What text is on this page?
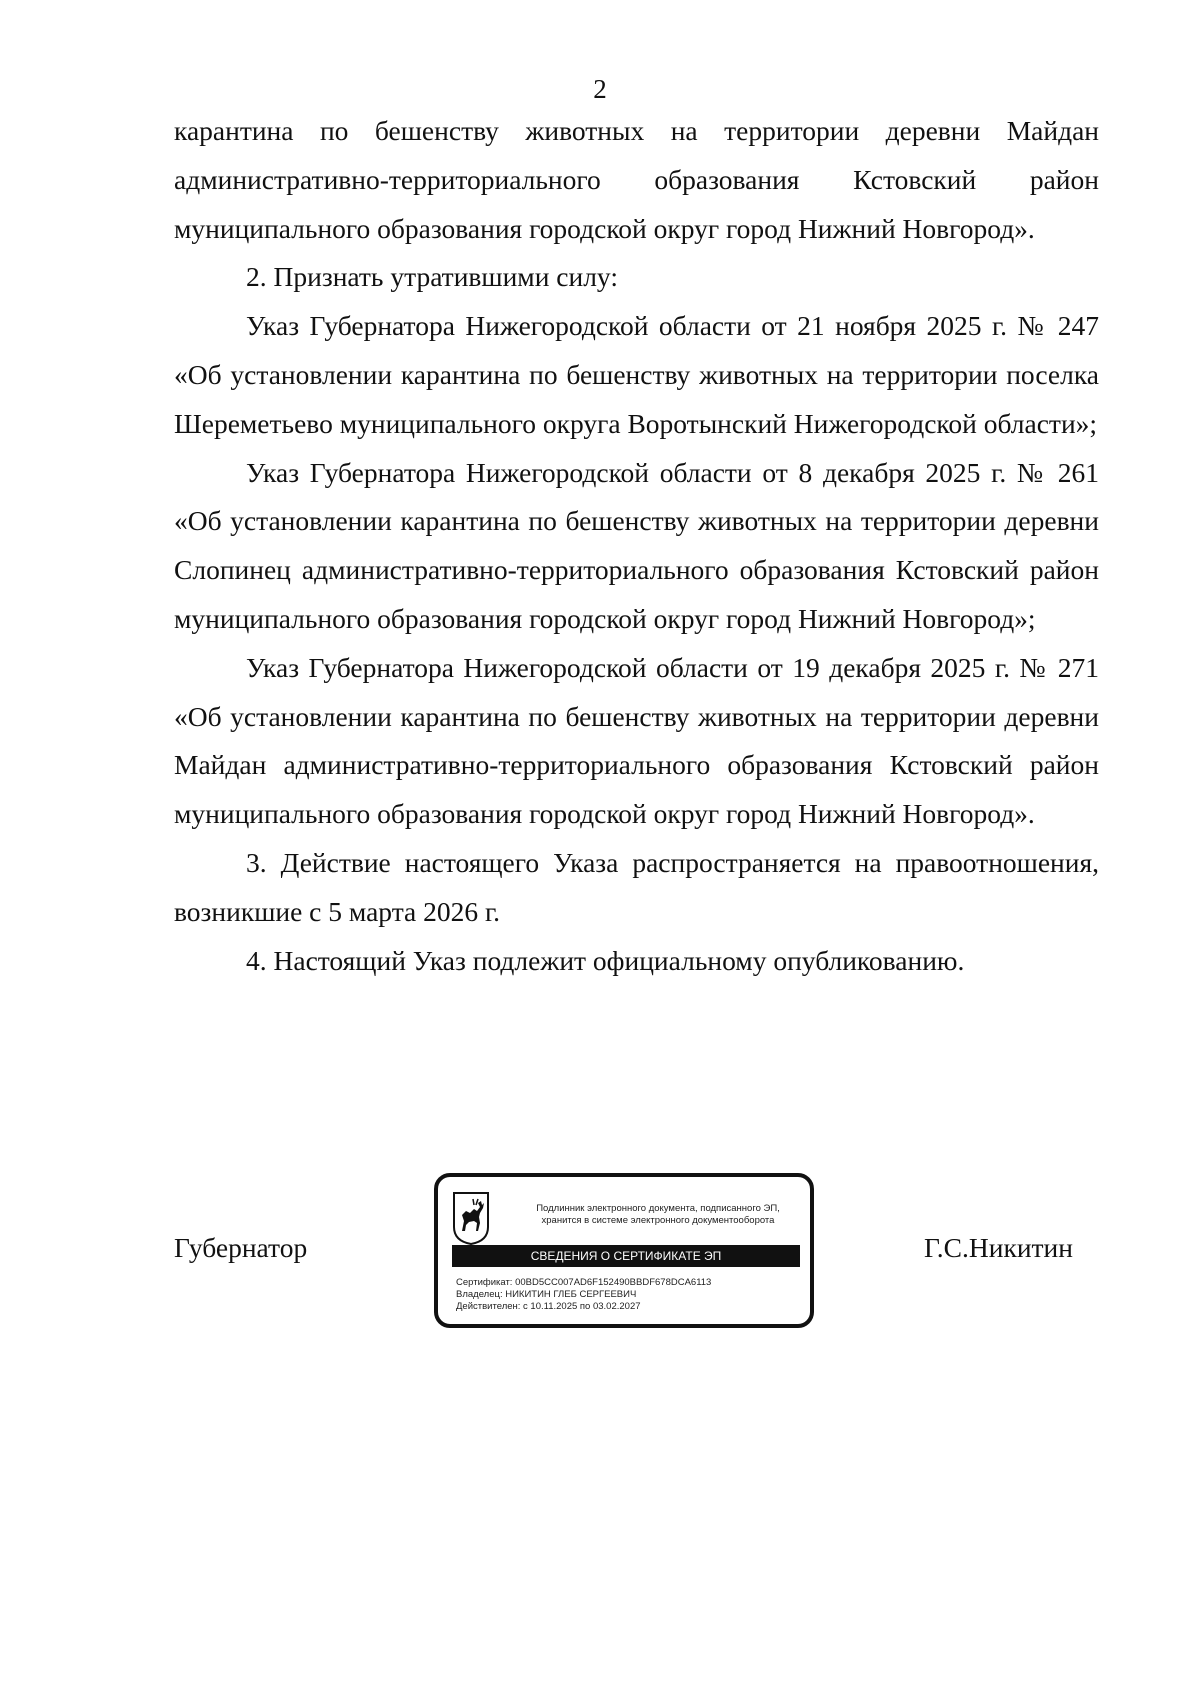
2

карантина по бешенству животных на территории деревни Майдан административно-территориального образования Кстовский район муниципального образования городской округ город Нижний Новгород».

2. Признать утратившими силу:

Указ Губернатора Нижегородской области от 21 ноября 2025 г. № 247 «Об установлении карантина по бешенству животных на территории поселка Шереметьево муниципального округа Воротынский Нижегородской области»;

Указ Губернатора Нижегородской области от 8 декабря 2025 г. № 261 «Об установлении карантина по бешенству животных на территории деревни Слопинец административно-территориального образования Кстовский район муниципального образования городской округ город Нижний Новгород»;

Указ Губернатора Нижегородской области от 19 декабря 2025 г. № 271 «Об установлении карантина по бешенству животных на территории деревни Майдан административно-территориального образования Кстовский район муниципального образования городской округ город Нижний Новгород».

3. Действие настоящего Указа распространяется на правоотношения, возникшие с 5 марта 2026 г.

4. Настоящий Указ подлежит официальному опубликованию.

Губернатор	Г.С.Никитин
Подлинник электронного документа, подписанного ЭП,
хранится в системе электронного документооборота
СВЕДЕНИЯ О СЕРТИФИКАТЕ ЭП
Сертификат: 00BD5CC007AD6F152490BBDF678DCA6113
Владелец: НИКИТИН ГЛЕБ СЕРГЕЕВИЧ
Действителен: с 10.11.2025 по 03.02.2027
